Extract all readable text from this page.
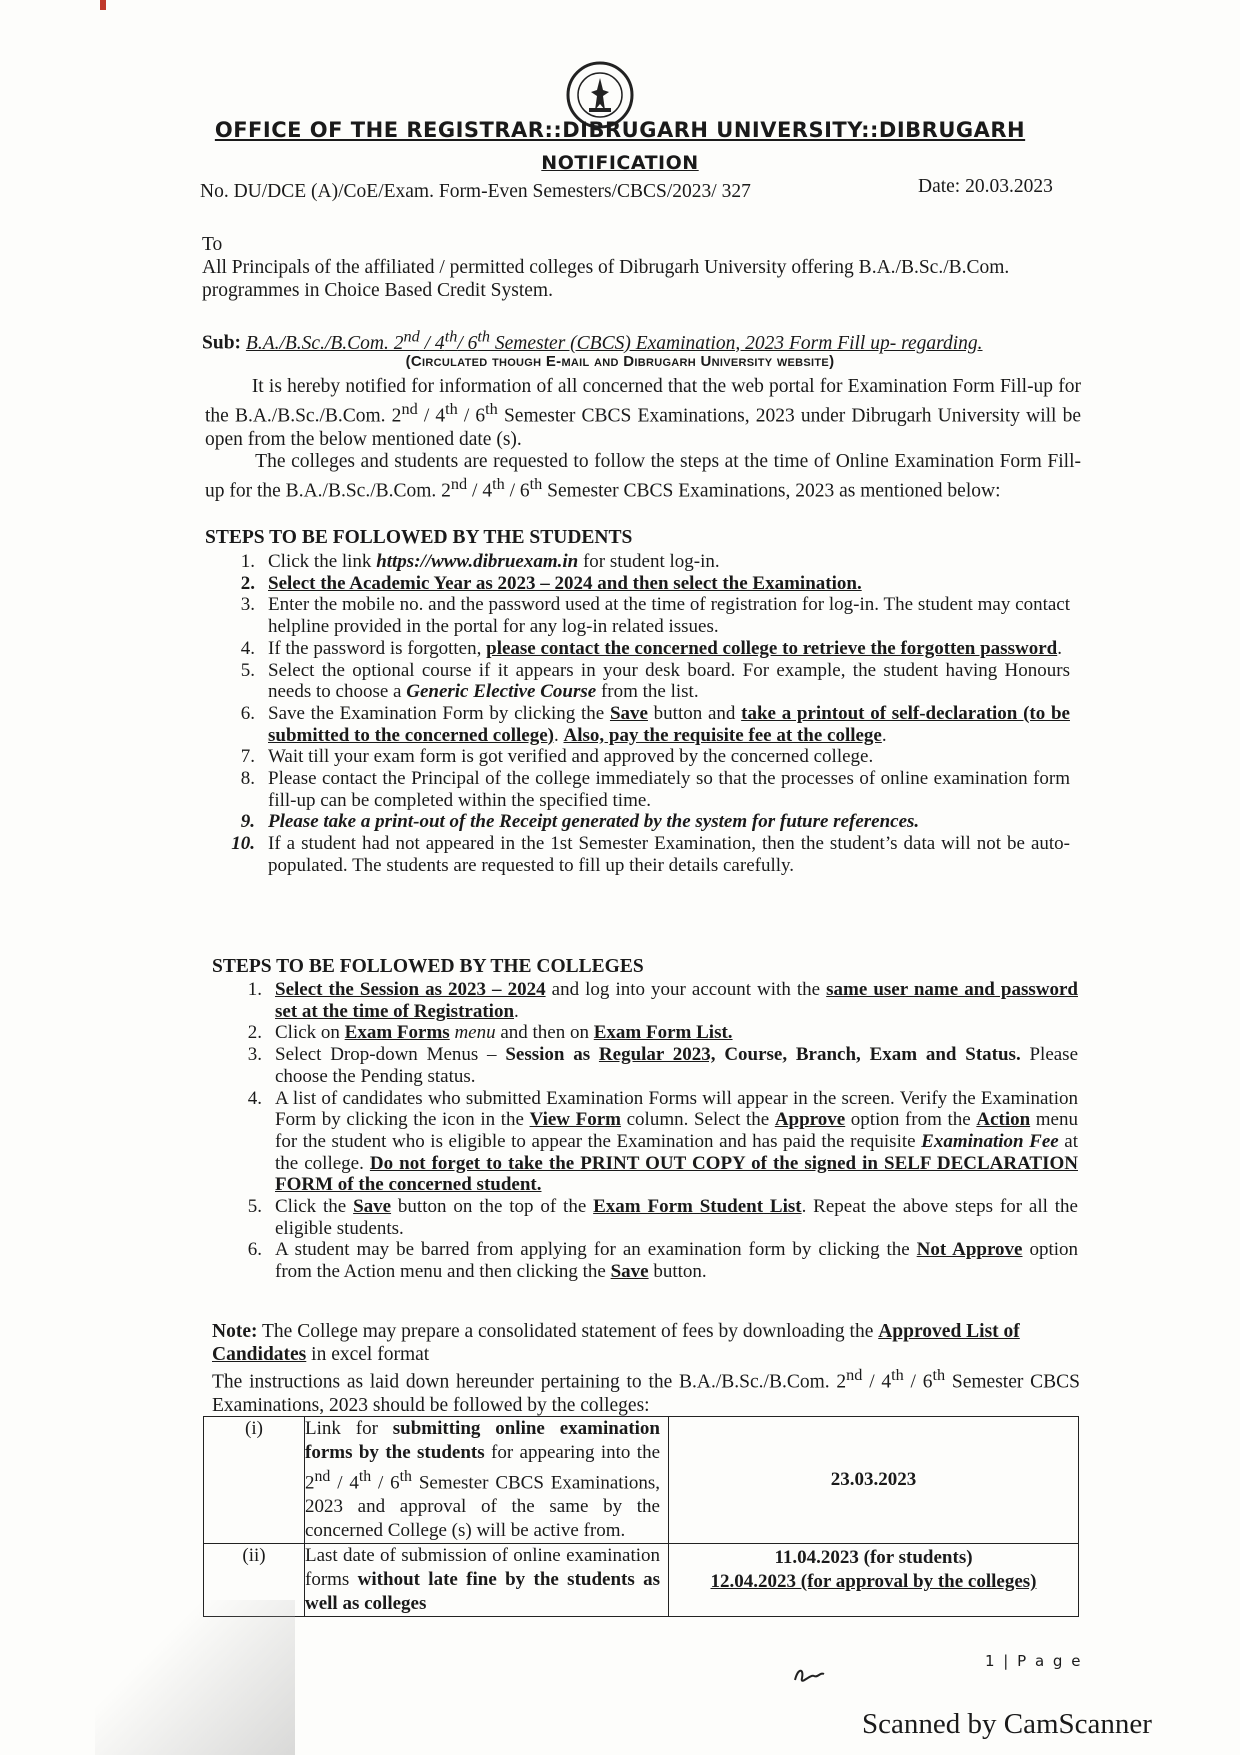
OFFICE OF THE REGISTRAR::DIBRUGARH UNIVERSITY::DIBRUGARH
NOTIFICATION
No. DU/DCE (A)/CoE/Exam. Form-Even Semesters/CBCS/2023/ 327	Date: 20.03.2023
To
All Principals of the affiliated / permitted colleges of Dibrugarh University offering B.A./B.Sc./B.Com. programmes in Choice Based Credit System.
Sub: B.A./B.Sc./B.Com. 2nd / 4th/ 6th Semester (CBCS) Examination, 2023 Form Fill up- regarding.
(Circulated though E-mail and Dibrugarh University website)
It is hereby notified for information of all concerned that the web portal for Examination Form Fill-up for the B.A./B.Sc./B.Com. 2nd / 4th / 6th Semester CBCS Examinations, 2023 under Dibrugarh University will be open from the below mentioned date (s).
The colleges and students are requested to follow the steps at the time of Online Examination Form Fill-up for the B.A./B.Sc./B.Com. 2nd / 4th / 6th Semester CBCS Examinations, 2023 as mentioned below:
STEPS TO BE FOLLOWED BY THE STUDENTS
1. Click the link https://www.dibruexam.in for student log-in.
2. Select the Academic Year as 2023 – 2024 and then select the Examination.
3. Enter the mobile no. and the password used at the time of registration for log-in. The student may contact helpline provided in the portal for any log-in related issues.
4. If the password is forgotten, please contact the concerned college to retrieve the forgotten password.
5. Select the optional course if it appears in your desk board. For example, the student having Honours needs to choose a Generic Elective Course from the list.
6. Save the Examination Form by clicking the Save button and take a printout of self-declaration (to be submitted to the concerned college). Also, pay the requisite fee at the college.
7. Wait till your exam form is got verified and approved by the concerned college.
8. Please contact the Principal of the college immediately so that the processes of online examination form fill-up can be completed within the specified time.
9. Please take a print-out of the Receipt generated by the system for future references.
10. If a student had not appeared in the 1st Semester Examination, then the student’s data will not be auto-populated. The students are requested to fill up their details carefully.
STEPS TO BE FOLLOWED BY THE COLLEGES
1. Select the Session as 2023 – 2024 and log into your account with the same user name and password set at the time of Registration.
2. Click on Exam Forms menu and then on Exam Form List.
3. Select Drop-down Menus – Session as Regular 2023, Course, Branch, Exam and Status. Please choose the Pending status.
4. A list of candidates who submitted Examination Forms will appear in the screen. Verify the Examination Form by clicking the icon in the View Form column. Select the Approve option from the Action menu for the student who is eligible to appear the Examination and has paid the requisite Examination Fee at the college. Do not forget to take the PRINT OUT COPY of the signed in SELF DECLARATION FORM of the concerned student.
5. Click the Save button on the top of the Exam Form Student List. Repeat the above steps for all the eligible students.
6. A student may be barred from applying for an examination form by clicking the Not Approve option from the Action menu and then clicking the Save button.
Note: The College may prepare a consolidated statement of fees by downloading the Approved List of Candidates in excel format
The instructions as laid down hereunder pertaining to the B.A./B.Sc./B.Com. 2nd / 4th / 6th Semester CBCS Examinations, 2023 should be followed by the colleges:
(i)	Link for submitting online examination forms by the students for appearing into the 2nd / 4th / 6th Semester CBCS Examinations, 2023 and approval of the same by the concerned College (s) will be active from.	23.03.2023
(ii)	Last date of submission of online examination forms without late fine by the students as well as colleges	11.04.2023 (for students)
12.04.2023 (for approval by the colleges)
1 | P a g e
Scanned by CamScanner
